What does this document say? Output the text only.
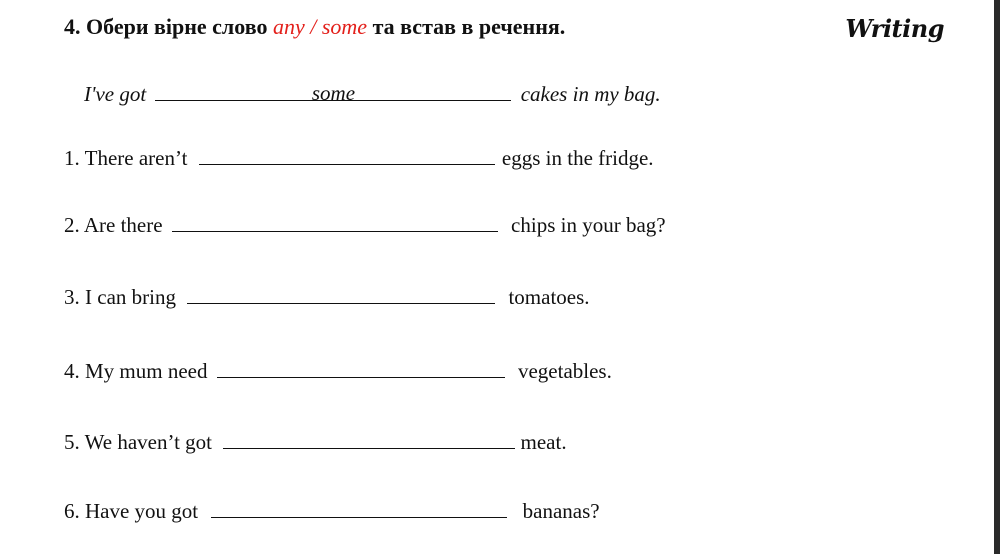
4. Обери вірне слово any / some та встав в речення.	Writing
I've got	some	cakes in my bag.
1. There aren’t	eggs in the fridge.
2. Are there	chips in your bag?
3. I can bring	tomatoes.
4. My mum need	vegetables.
5. We haven’t got	meat.
6. Have you got	bananas?
